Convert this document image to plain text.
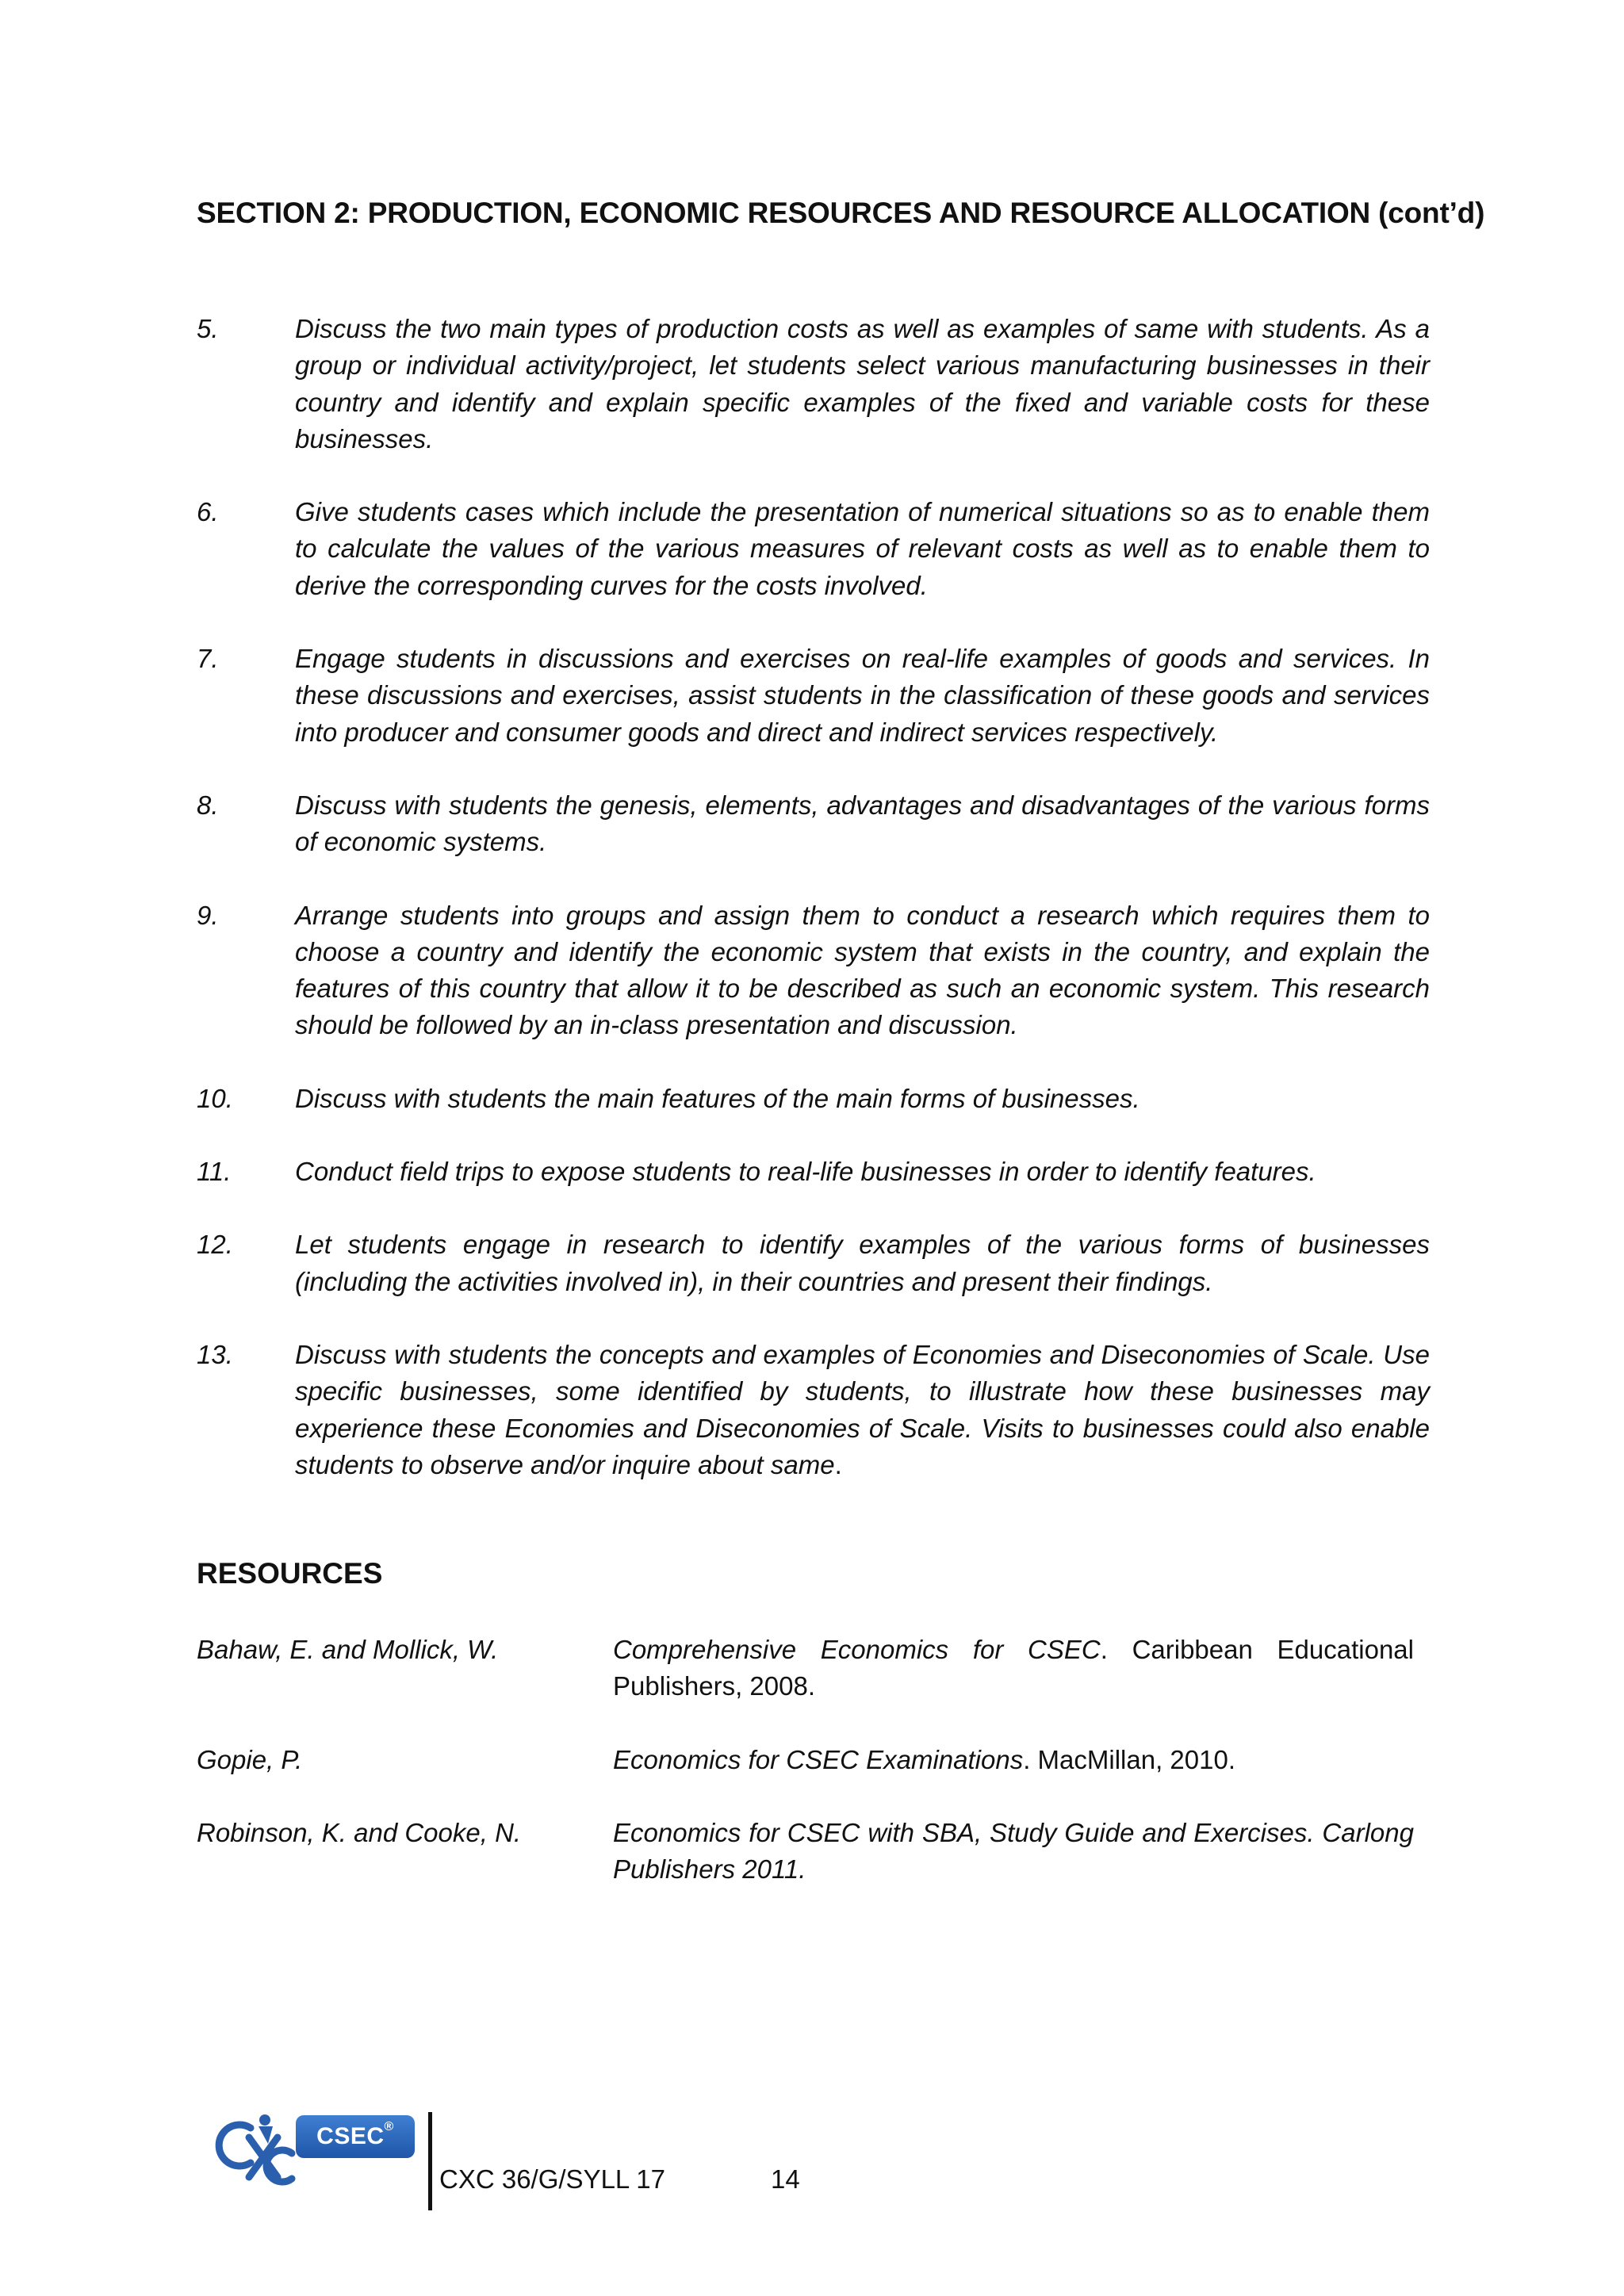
SECTION 2: PRODUCTION, ECONOMIC RESOURCES AND RESOURCE ALLOCATION (cont’d)
5.	Discuss the two main types of production costs as well as examples of same with students. As a group or individual activity/project, let students select various manufacturing businesses in their country and identify and explain specific examples of the fixed and variable costs for these businesses.
6.	Give students cases which include the presentation of numerical situations so as to enable them to calculate the values of the various measures of relevant costs as well as to enable them to derive the corresponding curves for the costs involved.
7.	Engage students in discussions and exercises on real-life examples of goods and services. In these discussions and exercises, assist students in the classification of these goods and services into producer and consumer goods and direct and indirect services respectively.
8.	Discuss with students the genesis, elements, advantages and disadvantages of the various forms of economic systems.
9.	Arrange students into groups and assign them to conduct a research which requires them to choose a country and identify the economic system that exists in the country, and explain the features of this country that allow it to be described as such an economic system. This research should be followed by an in-class presentation and discussion.
10.	Discuss with students the main features of the main forms of businesses.
11.	Conduct field trips to expose students to real-life businesses in order to identify features.
12.	Let students engage in research to identify examples of the various forms of businesses (including the activities involved in), in their countries and present their findings.
13.	Discuss with students the concepts and examples of Economies and Diseconomies of Scale. Use specific businesses, some identified by students, to illustrate how these businesses may experience these Economies and Diseconomies of Scale. Visits to businesses could also enable students to observe and/or inquire about same.
RESOURCES
Bahaw, E. and Mollick, W.	Comprehensive Economics for CSEC. Caribbean Educational Publishers, 2008.
Gopie, P.	Economics for CSEC Examinations. MacMillan, 2010.
Robinson, K. and Cooke, N.	Economics for CSEC with SBA, Study Guide and Exercises. Carlong Publishers 2011.
CSEC®
CXC 36/G/SYLL 17	14
